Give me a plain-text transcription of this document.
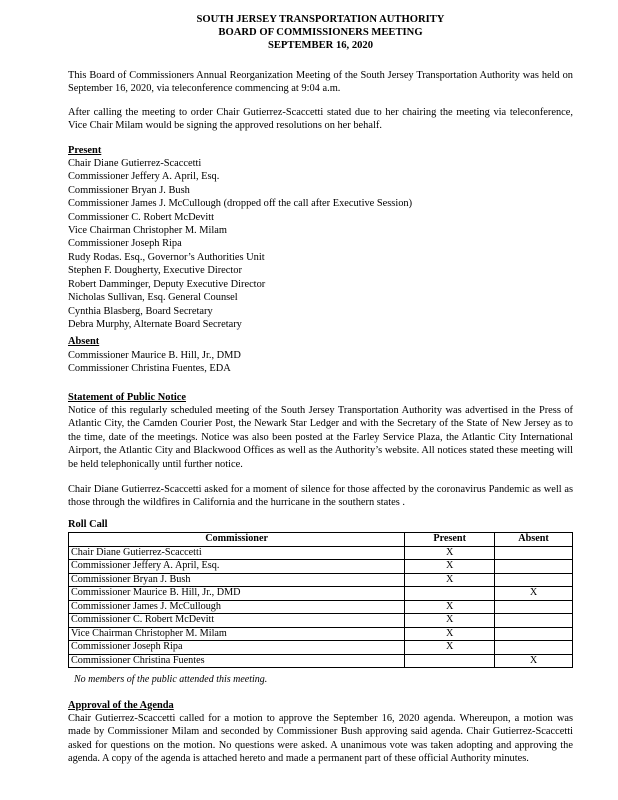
SOUTH JERSEY TRANSPORTATION AUTHORITY
BOARD OF COMMISSIONERS MEETING
SEPTEMBER 16, 2020

This Board of Commissioners Annual Reorganization Meeting of the South Jersey Transportation Authority was held on September 16, 2020, via teleconference commencing at 9:04 a.m.

After calling the meeting to order Chair Gutierrez-Scaccetti stated due to her chairing the meeting via teleconference, Vice Chair Milam would be signing the approved resolutions on her behalf.

Present
Chair Diane Gutierrez-Scaccetti
Commissioner Jeffery A. April, Esq.
Commissioner Bryan J. Bush
Commissioner James J. McCullough (dropped off the call after Executive Session)
Commissioner C. Robert McDevitt
Vice Chairman Christopher M. Milam
Commissioner Joseph Ripa
Rudy Rodas. Esq., Governor’s Authorities Unit
Stephen F. Dougherty, Executive Director
Robert Damminger, Deputy Executive Director
Nicholas Sullivan, Esq. General Counsel
Cynthia Blasberg, Board Secretary
Debra Murphy, Alternate Board Secretary
Absent
Commissioner Maurice B. Hill, Jr., DMD
Commissioner Christina Fuentes, EDA
Statement of Public Notice

Notice of this regularly scheduled meeting of the South Jersey Transportation Authority was advertised in the Press of Atlantic City, the Camden Courier Post, the Newark Star Ledger and with the Secretary of the State of New Jersey as to the time, date of the meetings. Notice was also been posted at the Farley Service Plaza, the Atlantic City International Airport, the Atlantic City and Blackwood Offices as well as the Authority’s website. All notices stated these meeting will be held telephonically until further notice.

Chair Diane Gutierrez-Scaccetti asked for a moment of silence for those affected by the coronavirus Pandemic as well as those through the wildfires in California and the hurricane in the southern states .

Roll Call
Commissioner	Present	Absent
Chair Diane Gutierrez-Scaccetti	X	
Commissioner Jeffery A. April, Esq.	X	
Commissioner Bryan J. Bush	X	
Commissioner Maurice B. Hill, Jr., DMD		X
Commissioner James J. McCullough	X	
Commissioner C. Robert McDevitt	X	
Vice Chairman Christopher M. Milam	X	
Commissioner Joseph Ripa	X	
Commissioner Christina Fuentes		X
No members of the public attended this meeting.
Approval of the Agenda

Chair Gutierrez-Scaccetti called for a motion to approve the September 16, 2020 agenda. Whereupon, a motion was made by Commissioner Milam and seconded by Commissioner Bush approving said agenda. Chair Gutierrez-Scaccetti asked for questions on the motion. No questions were asked. A unanimous vote was taken adopting and approving the agenda. A copy of the agenda is attached hereto and made a permanent part of these official Authority minutes.
